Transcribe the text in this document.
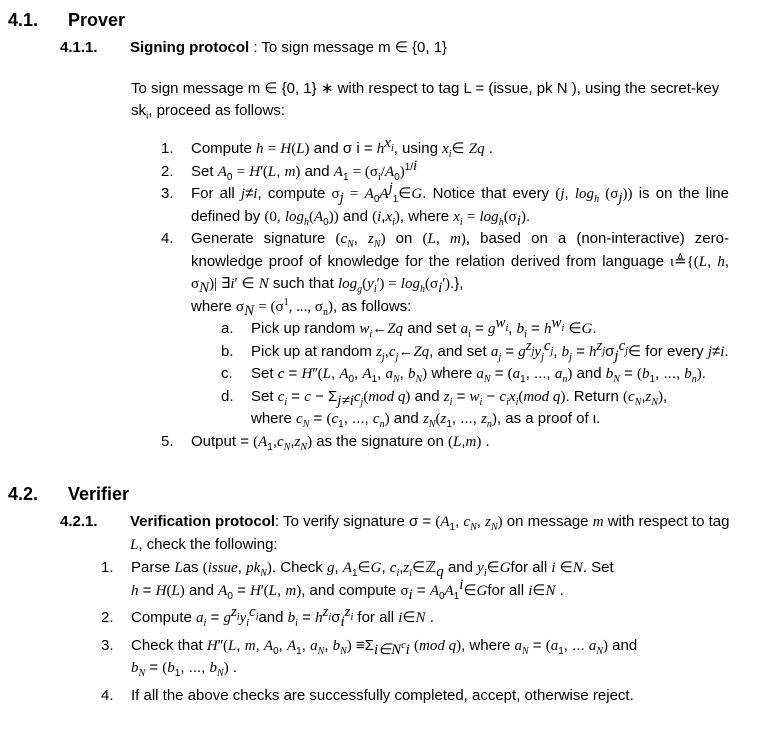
4.1. Prover
4.1.1. Signing protocol : To sign message m ∈ {0, 1}
To sign message m ∈ {0, 1} ∗ with respect to tag L = (issue, pk N ), using the secret-key $sk_i$, proceed as follows:
1. Compute h = H(L) and σ $i = h^{x_i}$, using $x_i\in$ Zq .
2. Set $A_0 = H'(L$, m) and $A_1 = (\sigma_i/A_0)^{1/i}$
3. For all j≠i, compute $\sigma_j$ = $A_0A^j_1\in G$. Notice that every (j, $\log_h (\sigma_j)$) is on the line defined by (0, $\log_h(A_0)$) and $(i,x_i)$, where $x_i = \log_h(\sigma_i)$.
4. Generate signature ($c_N$, $z_N$) on (L, m), based on a (non-interactive) zero-knowledge proof of knowledge for the relation derived from language ι≜{(L, h, $\sigma_N)|$ ∃i′ ∈ N such that $\log_g(y_i') = \log_h(\sigma_i')$.},
where $\sigma_N = (\sigma^1$, ..., $\sigma_n$), as follows:
a. Pick up random $w_i\leftarrow Zq$ and set $a_i = g^{w_i}$, $b_i = h^{w_i}$ ∈G.
b. Pick up at random $z_j,c_j\leftarrow Zq$, and set $a_j = g^{z_j}y_j^{c_j}$, $b_j$ = $h^{z_j}\sigma_j^{c_j}\in$ for every j≠i.
c. Set c = H″(L, $A_0$, $A_1$, $a_N$, $b_N$) where $a_N = (a_1$, ..., $a_n$) and $b_N = (b_1$, ..., $b_n$).
d. Set $c_i = c - \Sigma_{j\ne i}c_j(mod$ q) and $z_i = w_i - c_ix_i(mod$ q). Return $(c_N,z_N)$,
where $c_N = (c_1$, ..., $c_n$) and $z_N(z_1$, ..., $z_n$), as a proof of ι.
5. Output = $(A_1,c_N,z_N)$ as the signature on (L,m) .
4.2. Verifier
4.2.1. Verification protocol: To verify signature $\sigma = (A_1$, $c_N$, $z_N$) on message m with respect to tag
L, check the following:
1. Parse Las (issue, $pk_N$). Check g, $A_1\in G$, $c_i,z_i\in ℤ_q$ and $y_i\in Gfor$ all i ∈N. Set
h = H(L) and $A_0 = H'(L$, m), and compute $\sigma_i$ = $A_0A_1^i\in Gfor$ all i∈N .
2. Compute $a_i = g^{z_i}y_i^{c_i}and$ $b_i = h^{z_i}\sigma_i^{z_i}$ for all i∈N .
3. Check that H″(L, m, $A_0$, $A_1$, $a_N$, $b_N) \equiv\Sigma_{i\in N^ci}$ (mod q), where $a_N = (a_1$, ... $a_N$) and
$b_N = (b_1$, ..., $b_N$) .
4. If all the above checks are successfully completed, accept, otherwise reject.
